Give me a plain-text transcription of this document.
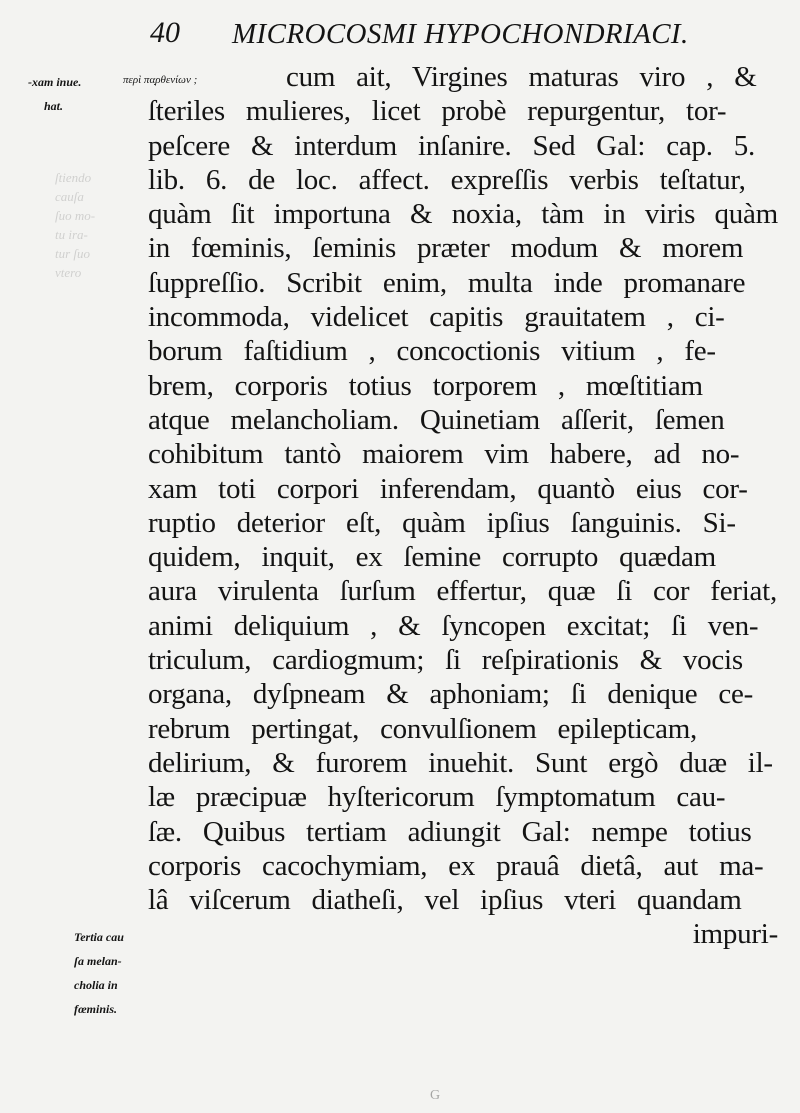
ſtiendo
cauſa
ſuo mo-
tu ira-
tur ſuo
vtero
40 MICROCOSMI HYPOCHONDRIACI.
-xam inue.
hat.
περὶ πα̣ρθενίων ;	cum ait, Virgines maturas viro , &
ſteriles mulieres, licet probè repurgentur, tor-
peſcere & interdum inſanire. Sed Gal: cap. 5.
lib. 6. de loc. affect. expreſſis verbis teſtatur,
quàm ſit importuna & noxia, tàm in viris quàm
in fœminis, ſeminis præter modum & morem
ſuppreſſio. Scribit enim, multa inde promanare
incommoda, videlicet capitis grauitatem , ci-
borum faſtidium , concoctionis vitium , fe-
brem, corporis totius torporem , mœſtitiam
atque melancholiam. Quinetiam aſſerit, ſemen
cohibitum tantò maiorem vim habere, ad no-
xam toti corpori inferendam, quantò eius cor-
ruptio deterior eſt, quàm ipſius ſanguinis. Si-
quidem, inquit, ex ſemine corrupto quædam
aura virulenta ſurſum effertur, quæ ſi cor feriat,
animi deliquium , & ſyncopen excitat; ſi ven-
triculum, cardiogmum; ſi reſpirationis & vocis
organa, dyſpneam & aphoniam; ſi denique ce-
rebrum pertingat, convulſionem epilepticam,
delirium, & furorem inuehit. Sunt ergò duæ il-
læ præcipuæ hyſtericorum ſymptomatum cau-
ſæ. Quibus tertiam adiungit Gal: nempe totius
corporis cacochymiam, ex prauâ dietâ, aut ma-
lâ viſcerum diatheſi, vel ipſius vteri quandam
impuri-
Tertia cau
ſa melan-
cholia in
fœminis.
G
